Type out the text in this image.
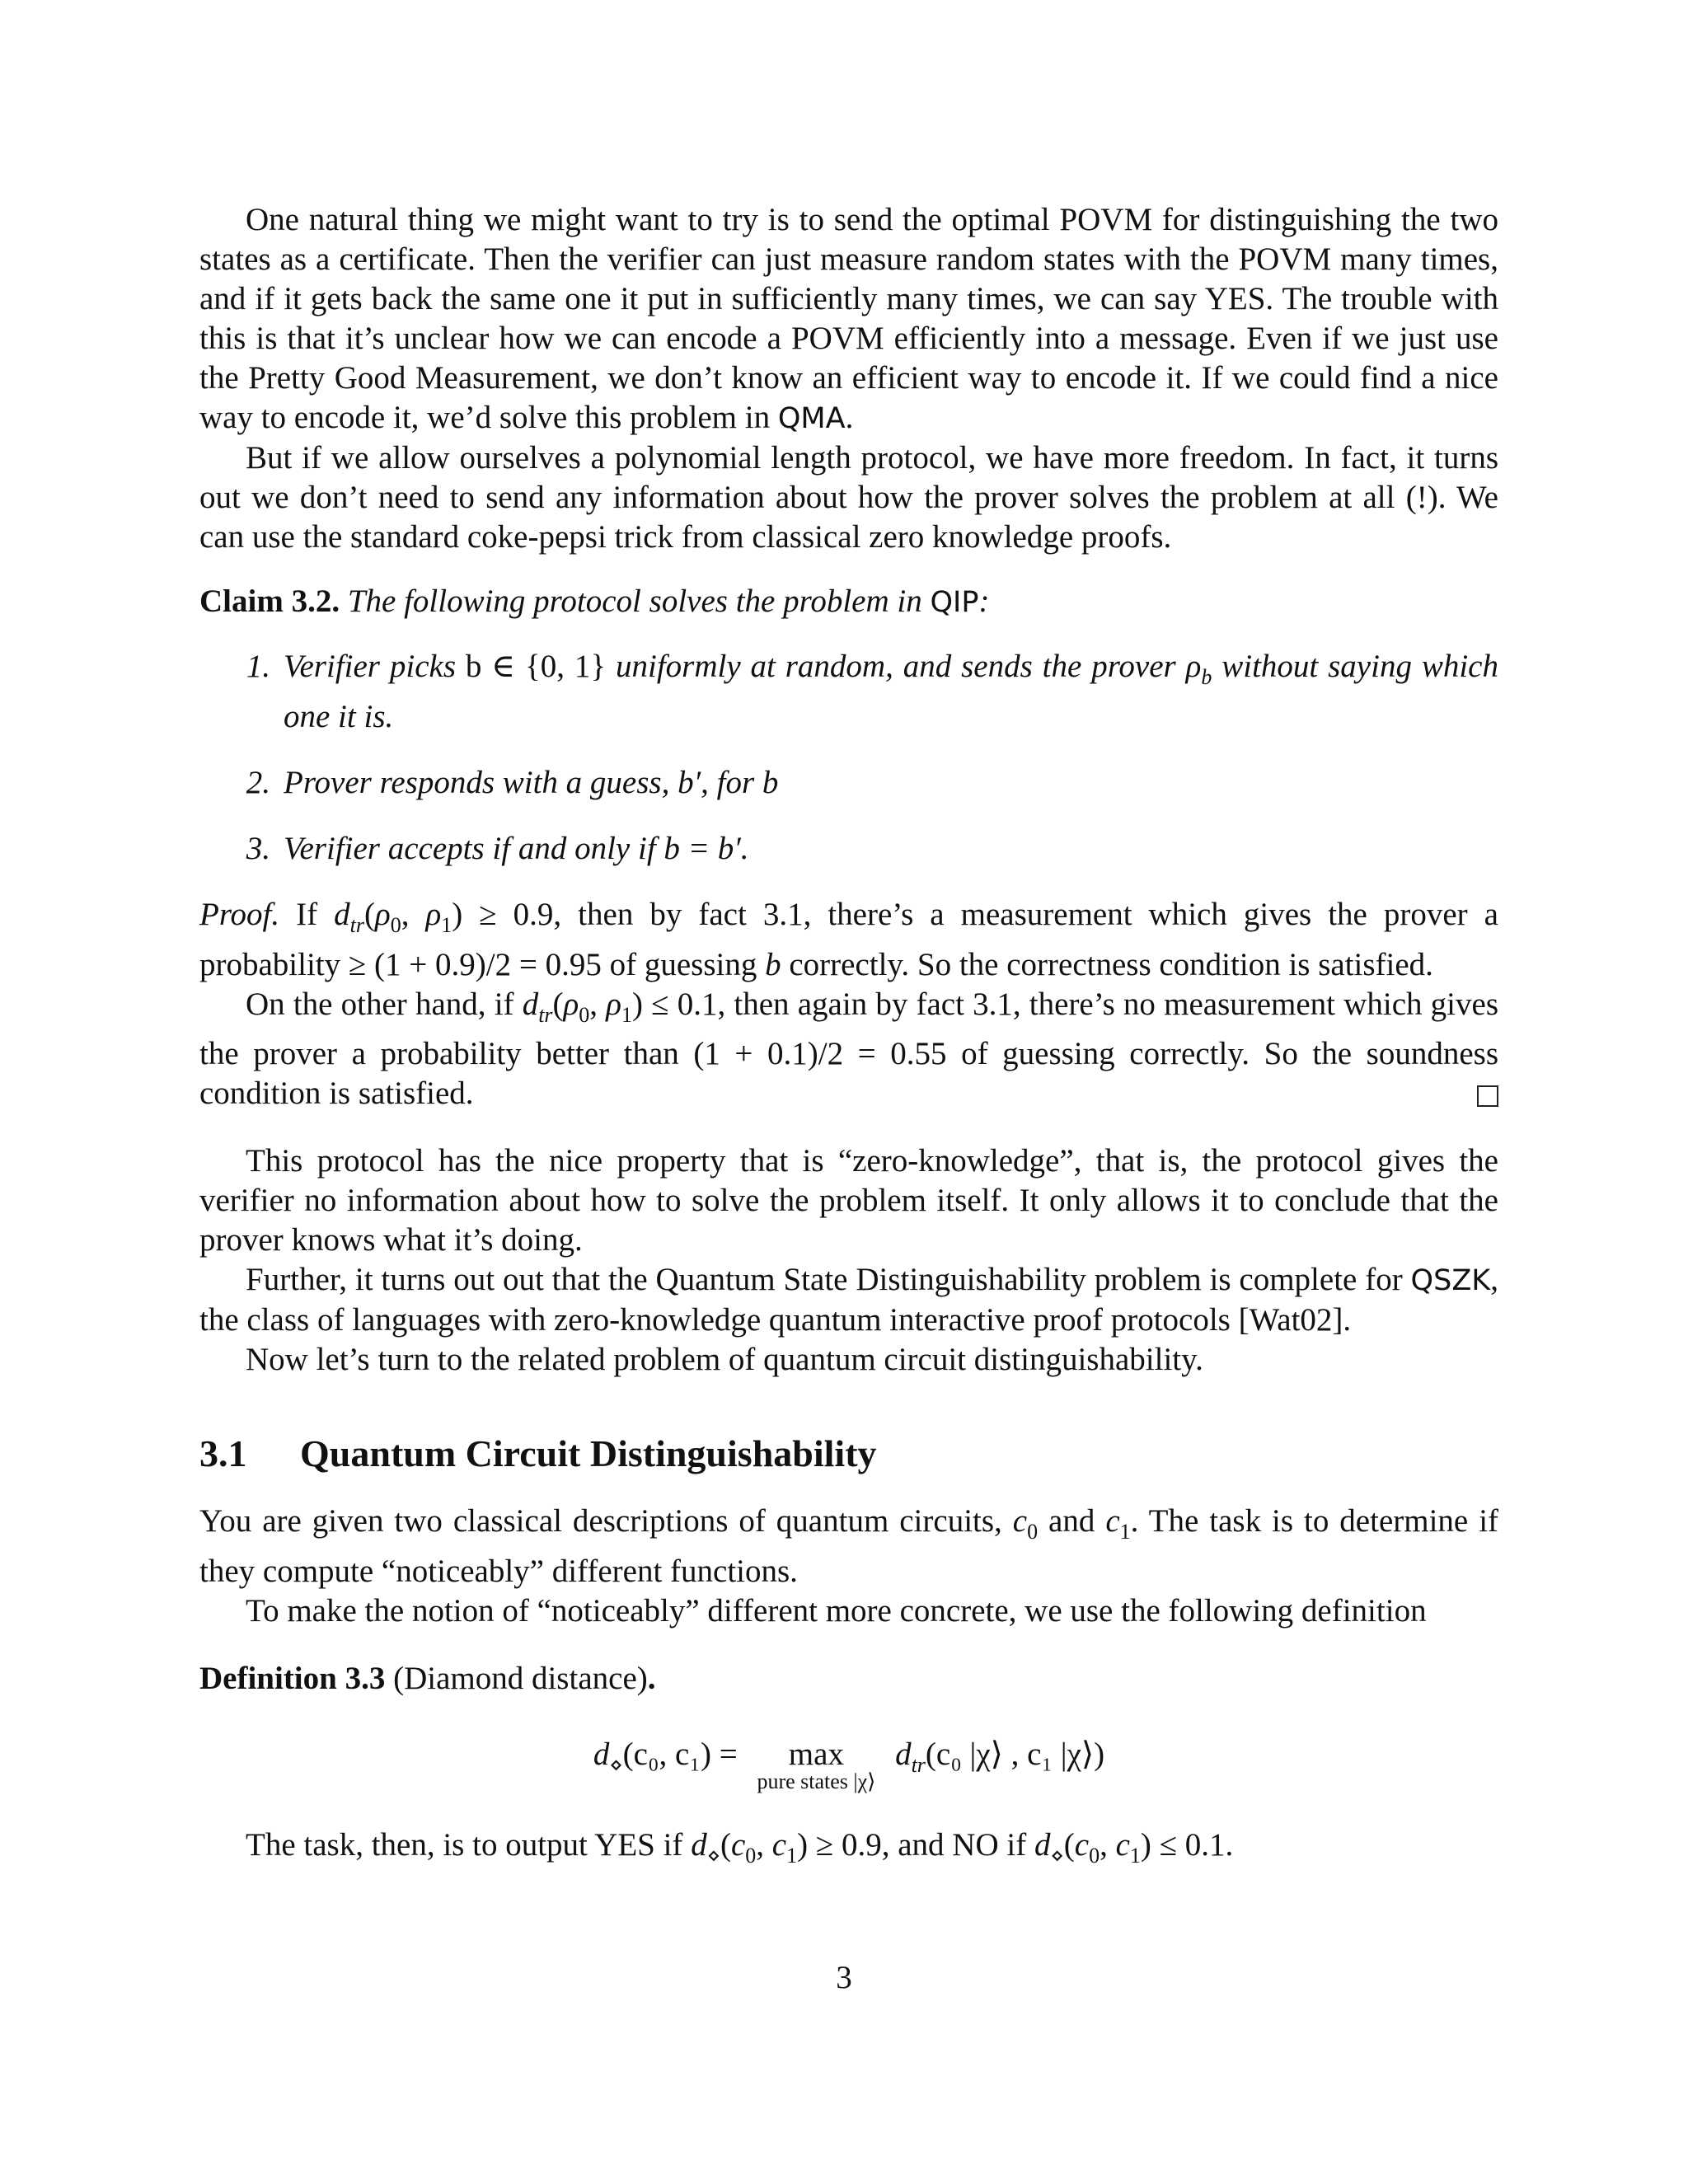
One natural thing we might want to try is to send the optimal POVM for distinguishing the two states as a certificate. Then the verifier can just measure random states with the POVM many times, and if it gets back the same one it put in sufficiently many times, we can say YES. The trouble with this is that it’s unclear how we can encode a POVM efficiently into a message. Even if we just use the Pretty Good Measurement, we don’t know an efficient way to encode it. If we could find a nice way to encode it, we’d solve this problem in QMA.

But if we allow ourselves a polynomial length protocol, we have more freedom. In fact, it turns out we don’t need to send any information about how the prover solves the problem at all (!). We can use the standard coke-pepsi trick from classical zero knowledge proofs.

Claim 3.2. The following protocol solves the problem in QIP:

1. Verifier picks b ∈ {0, 1} uniformly at random, and sends the prover $\rho_b$ without saying which one it is.
2. Prover responds with a guess, b′, for b
3. Verifier accepts if and only if b = b′.

Proof. If $d_{tr}(\rho_0$, $\rho_1) \ge 0.9$, then by fact 3.1, there’s a measurement which gives the prover a probability ≥ (1 + 0.9)/2 = 0.95 of guessing b correctly. So the correctness condition is satisfied.

On the other hand, if $d_{tr}(\rho_0$, $\rho_1) \le 0.1$, then again by fact 3.1, there’s no measurement which gives the prover a probability better than (1 + 0.1)/2 = 0.55 of guessing correctly. So the soundness condition is satisfied.

This protocol has the nice property that is “zero-knowledge”, that is, the protocol gives the verifier no information about how to solve the problem itself. It only allows it to conclude that the prover knows what it’s doing.

Further, it turns out out that the Quantum State Distinguishability problem is complete for QSZK, the class of languages with zero-knowledge quantum interactive proof protocols [Wat02].

Now let’s turn to the related problem of quantum circuit distinguishability.

3.1 Quantum Circuit Distinguishability

You are given two classical descriptions of quantum circuits, $c_0$ and $c_1$. The task is to determine if they compute “noticeably” different functions.

To make the notion of “noticeably” different more concrete, we use the following definition

Definition 3.3 (Diamond distance).

$d_⋄(c_0$, c₁) = max
pure states |χ⟩
$d_{tr}(c_0$ |χ⟩ , c₁ |χ⟩)

The task, then, is to output YES if $d_⋄(c_0$, $c_1) \ge 0.9$, and NO if $d_⋄(c_0$, $c_1) \le 0.1$.

3
